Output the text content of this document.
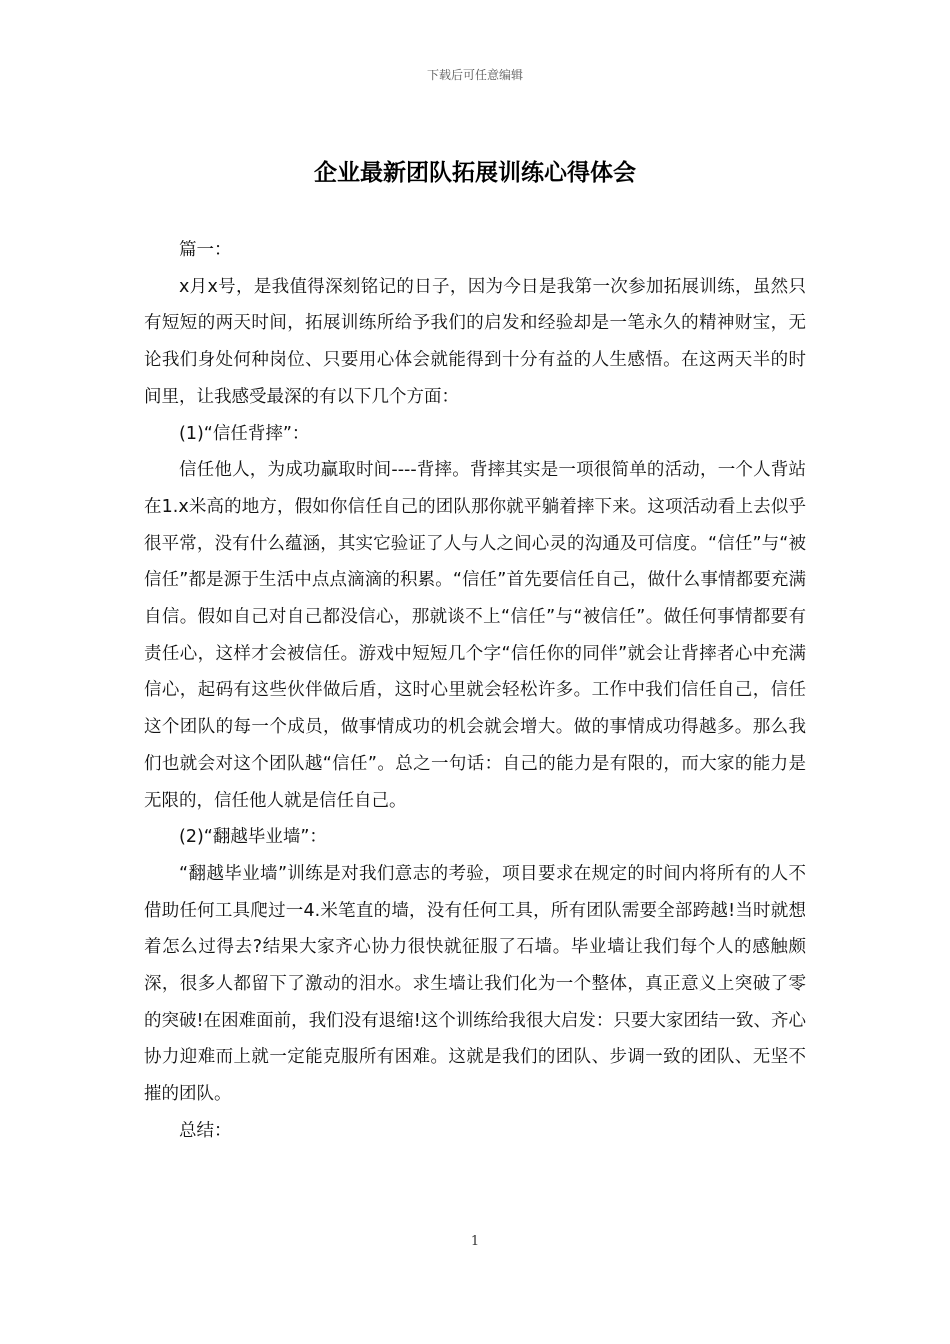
下载后可任意编辑
企业最新团队拓展训练心得体会

篇一：

x月x号，是我值得深刻铭记的日子，因为今日是我第一次参加拓展训练，虽然只有短短的两天时间，拓展训练所给予我们的启发和经验却是一笔永久的精神财宝，无论我们身处何种岗位、只要用心体会就能得到十分有益的人生感悟。在这两天半的时间里，让我感受最深的有以下几个方面：

(1)“信任背摔”：

信任他人，为成功赢取时间----背摔。背摔其实是一项很简单的活动，一个人背站在1.x米高的地方，假如你信任自己的团队那你就平躺着摔下来。这项活动看上去似乎很平常，没有什么蕴涵，其实它验证了人与人之间心灵的沟通及可信度。“信任”与“被信任”都是源于生活中点点滴滴的积累。“信任”首先要信任自己，做什么事情都要充满自信。假如自己对自己都没信心，那就谈不上“信任”与“被信任”。做任何事情都要有责任心，这样才会被信任。游戏中短短几个字“信任你的同伴”就会让背摔者心中充满信心，起码有这些伙伴做后盾，这时心里就会轻松许多。工作中我们信任自己，信任这个团队的每一个成员，做事情成功的机会就会增大。做的事情成功得越多。那么我们也就会对这个团队越“信任”。总之一句话：自己的能力是有限的，而大家的能力是无限的，信任他人就是信任自己。

(2)“翻越毕业墙”：

“翻越毕业墙”训练是对我们意志的考验，项目要求在规定的时间内将所有的人不借助任何工具爬过一4.米笔直的墙，没有任何工具，所有团队需要全部跨越!当时就想着怎么过得去?结果大家齐心协力很快就征服了石墙。毕业墙让我们每个人的感触颇深，很多人都留下了激动的泪水。求生墙让我们化为一个整体，真正意义上突破了零的突破!在困难面前，我们没有退缩!这个训练给我很大启发：只要大家团结一致、齐心协力迎难而上就一定能克服所有困难。这就是我们的团队、步调一致的团队、无坚不摧的团队。

总结：

1
